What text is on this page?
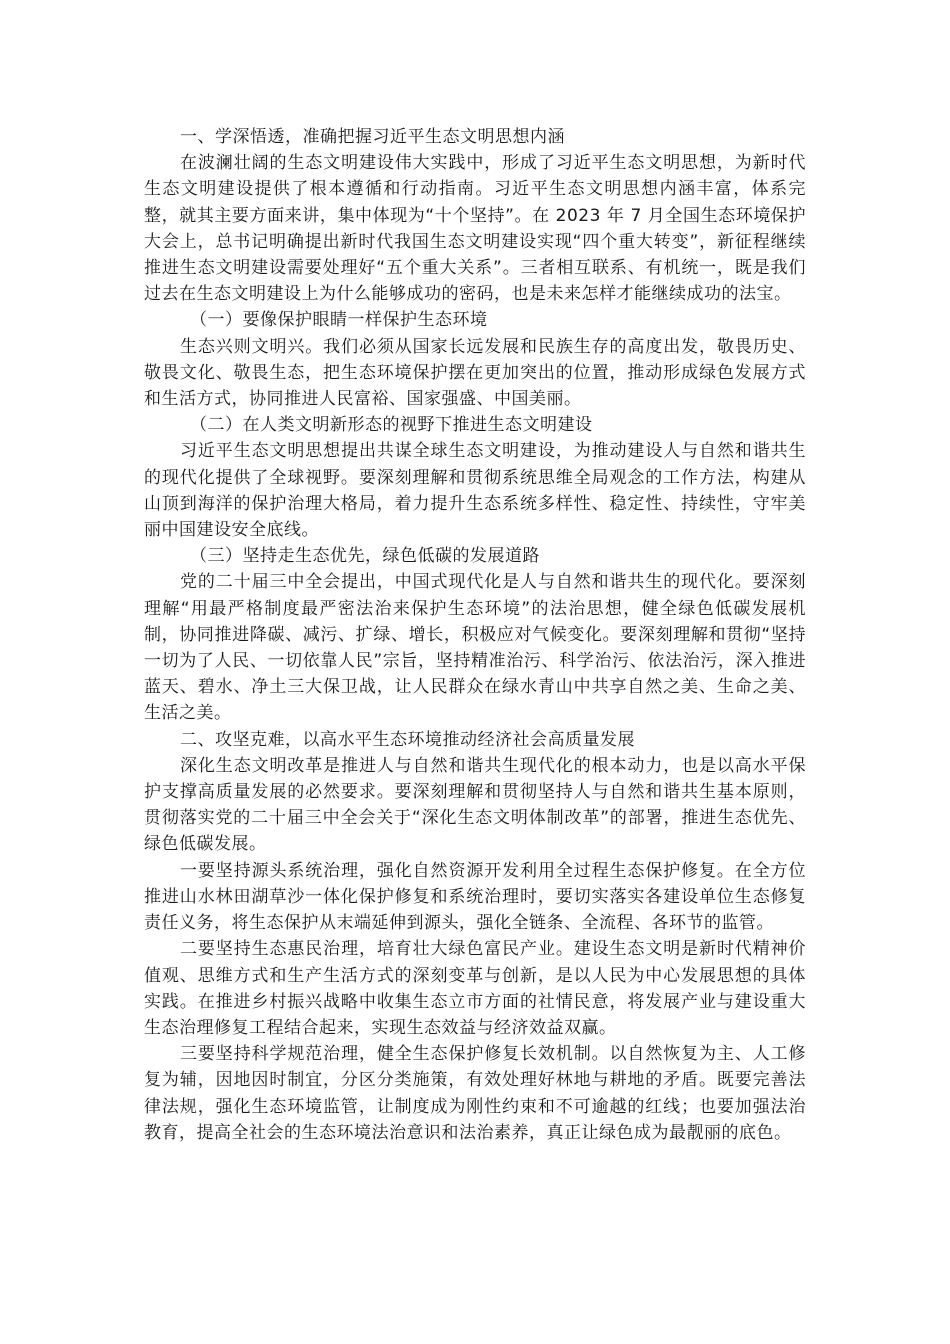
一、学深悟透，准确把握习近平生态文明思想内涵

在波澜壮阔的生态文明建设伟大实践中，形成了习近平生态文明思想，为新时代生态文明建设提供了根本遵循和行动指南。习近平生态文明思想内涵丰富，体系完整，就其主要方面来讲，集中体现为“十个坚持”。在 2023 年 7 月全国生态环境保护大会上，总书记明确提出新时代我国生态文明建设实现“四个重大转变”，新征程继续推进生态文明建设需要处理好“五个重大关系”。三者相互联系、有机统一，既是我们过去在生态文明建设上为什么能够成功的密码，也是未来怎样才能继续成功的法宝。

（一）要像保护眼睛一样保护生态环境

生态兴则文明兴。我们必须从国家长远发展和民族生存的高度出发，敬畏历史、敬畏文化、敬畏生态，把生态环境保护摆在更加突出的位置，推动形成绿色发展方式和生活方式，协同推进人民富裕、国家强盛、中国美丽。

（二）在人类文明新形态的视野下推进生态文明建设

习近平生态文明思想提出共谋全球生态文明建设，为推动建设人与自然和谐共生的现代化提供了全球视野。要深刻理解和贯彻系统思维全局观念的工作方法，构建从山顶到海洋的保护治理大格局，着力提升生态系统多样性、稳定性、持续性，守牢美丽中国建设安全底线。

（三）坚持走生态优先，绿色低碳的发展道路

党的二十届三中全会提出，中国式现代化是人与自然和谐共生的现代化。要深刻理解“用最严格制度最严密法治来保护生态环境”的法治思想，健全绿色低碳发展机制，协同推进降碳、减污、扩绿、增长，积极应对气候变化。要深刻理解和贯彻“坚持一切为了人民、一切依靠人民”宗旨，坚持精准治污、科学治污、依法治污，深入推进蓝天、碧水、净土三大保卫战，让人民群众在绿水青山中共享自然之美、生命之美、生活之美。

二、攻坚克难，以高水平生态环境推动经济社会高质量发展

深化生态文明改革是推进人与自然和谐共生现代化的根本动力，也是以高水平保护支撑高质量发展的必然要求。要深刻理解和贯彻坚持人与自然和谐共生基本原则，贯彻落实党的二十届三中全会关于“深化生态文明体制改革”的部署，推进生态优先、绿色低碳发展。

一要坚持源头系统治理，强化自然资源开发利用全过程生态保护修复。在全方位推进山水林田湖草沙一体化保护修复和系统治理时，要切实落实各建设单位生态修复责任义务，将生态保护从末端延伸到源头，强化全链条、全流程、各环节的监管。

二要坚持生态惠民治理，培育壮大绿色富民产业。建设生态文明是新时代精神价值观、思维方式和生产生活方式的深刻变革与创新，是以人民为中心发展思想的具体实践。在推进乡村振兴战略中收集生态立市方面的社情民意，将发展产业与建设重大生态治理修复工程结合起来，实现生态效益与经济效益双赢。

三要坚持科学规范治理，健全生态保护修复长效机制。以自然恢复为主、人工修复为辅，因地因时制宜，分区分类施策，有效处理好林地与耕地的矛盾。既要完善法律法规，强化生态环境监管，让制度成为刚性约束和不可逾越的红线；也要加强法治教育，提高全社会的生态环境法治意识和法治素养，真正让绿色成为最靓丽的底色。
